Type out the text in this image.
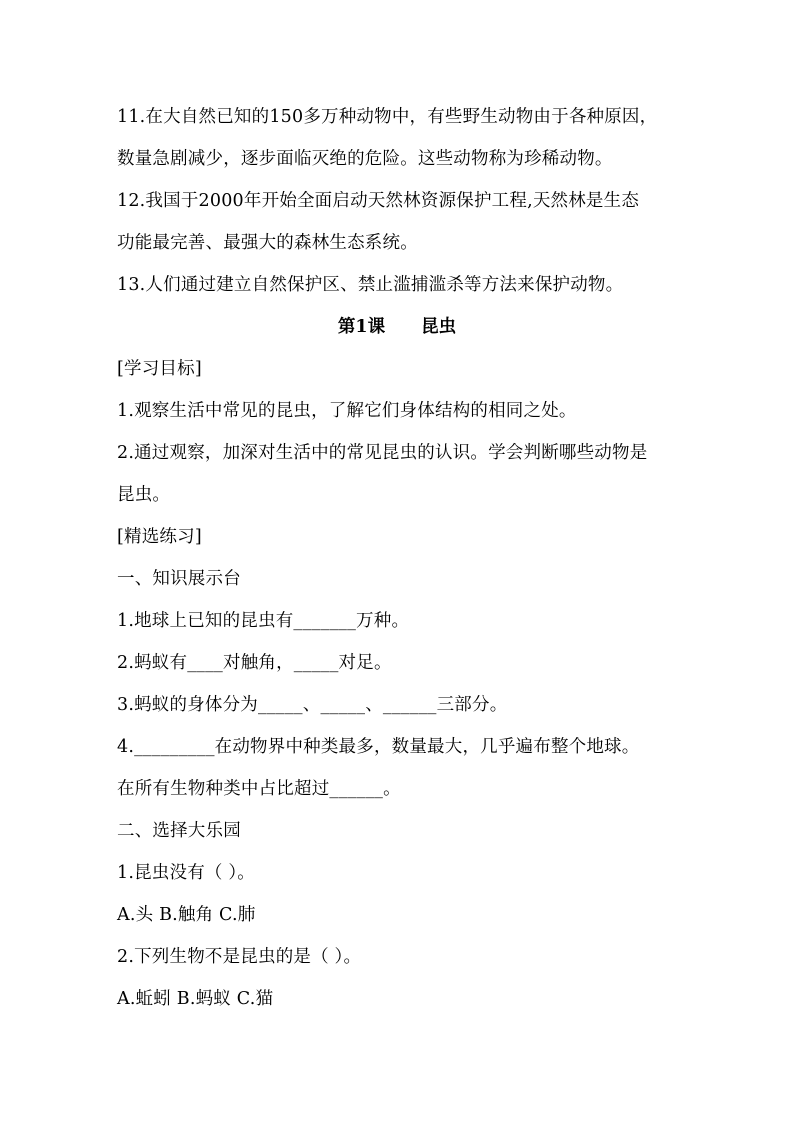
11.在大自然已知的150多万种动物中，有些野生动物由于各种原因，
数量急剧减少，逐步面临灭绝的危险。这些动物称为珍稀动物。
12.我国于2000年开始全面启动天然林资源保护工程,天然林是生态
功能最完善、最强大的森林生态系统。
13.人们通过建立自然保护区、禁止滥捕滥杀等方法来保护动物。
第1课 昆虫
[学习目标]
1.观察生活中常见的昆虫，了解它们身体结构的相同之处。
2.通过观察，加深对生活中的常见昆虫的认识。学会判断哪些动物是
昆虫。
[精选练习]
一、知识展示台
1.地球上已知的昆虫有_______万种。
2.蚂蚁有____对触角，_____对足。
3.蚂蚁的身体分为_____、_____、______三部分。
4._________在动物界中种类最多，数量最大，几乎遍布整个地球。
在所有生物种类中占比超过______。
二、选择大乐园
1.昆虫没有（ ）。
A.头 B.触角 C.肺
2.下列生物不是昆虫的是（ ）。
A.蚯蚓 B.蚂蚁 C.猫
